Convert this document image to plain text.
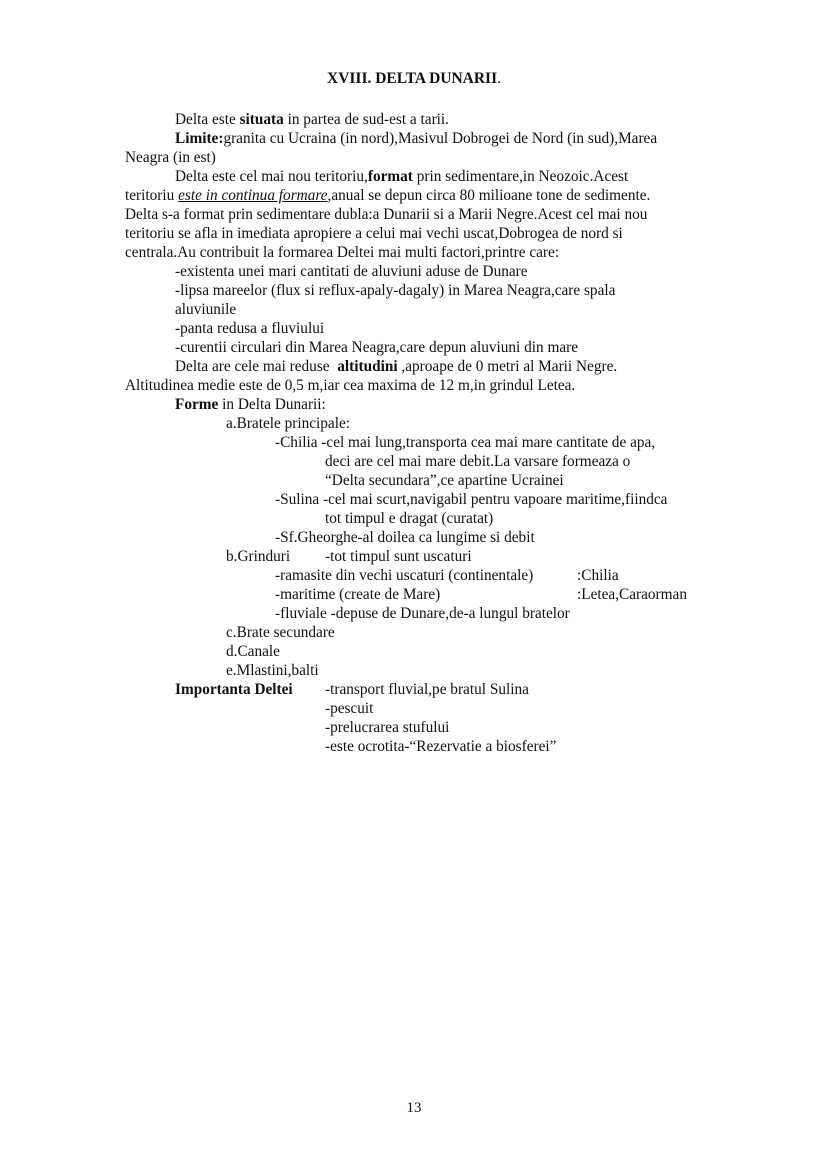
XVIII. DELTA DUNARII.
Delta este situata in partea de sud-est a tarii.
Limite:granita cu Ucraina (in nord),Masivul Dobrogei de Nord (in sud),Marea
Neagra (in est)
Delta este cel mai nou teritoriu,format prin sedimentare,in Neozoic.Acest
teritoriu este in continua formare,anual se depun circa 80 milioane tone de sedimente.
Delta s-a format prin sedimentare dubla:a Dunarii si a Marii Negre.Acest cel mai nou
teritoriu se afla in imediata apropiere a celui mai vechi uscat,Dobrogea de nord si
centrala.Au contribuit la formarea Deltei mai multi factori,printre care:
-existenta unei mari cantitati de aluviuni aduse de Dunare
-lipsa mareelor (flux si reflux-apaly-dagaly) in Marea Neagra,care spala
aluviunile
-panta redusa a fluviului
-curentii circulari din Marea Neagra,care depun aluviuni din mare
Delta are cele mai reduse  altitudini ,aproape de 0 metri al Marii Negre.
Altitudinea medie este de 0,5 m,iar cea maxima de 12 m,in grindul Letea.
Forme in Delta Dunarii:
a.Bratele principale:
-Chilia -cel mai lung,transporta cea mai mare cantitate de apa,
deci are cel mai mare debit.La varsare formeaza o
“Delta secundara”,ce apartine Ucrainei
-Sulina -cel mai scurt,navigabil pentru vapoare maritime,fiindca
tot timpul e dragat (curatat)
-Sf.Gheorghe-al doilea ca lungime si debit
b.Grinduri -tot timpul sunt uscaturi
-ramasite din vechi uscaturi (continentale)	:Chilia
-maritime (create de Mare)	:Letea,Caraorman
-fluviale -depuse de Dunare,de-a lungul bratelor
c.Brate secundare
d.Canale
e.Mlastini,balti
Importanta Deltei -transport fluvial,pe bratul Sulina
-pescuit
-prelucrarea stufului
-este ocrotita-“Rezervatie a biosferei”
13
